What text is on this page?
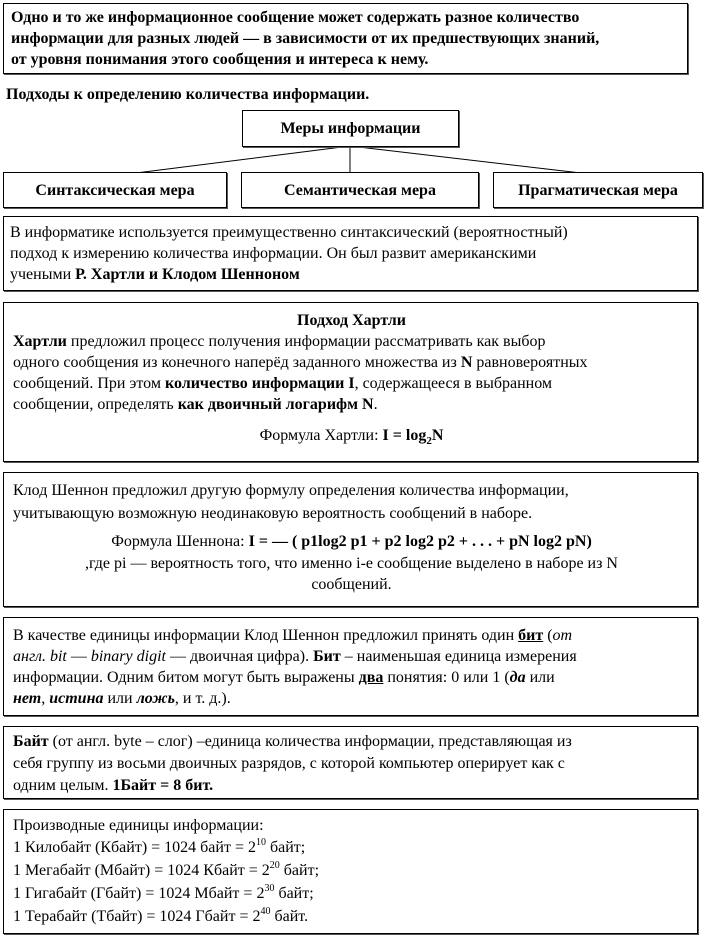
Одно и то же информационное сообщение может содержать разное количество
информации для разных людей — в зависимости от их предшествующих знаний,
от уровня понимания этого сообщения и интереса к нему.
Подходы к определению количества информации.
Меры информации
Синтаксическая мера	Семантическая мера	Прагматическая мера
В информатике используется преимущественно синтаксический (вероятностный)
подход к измерению количества информации. Он был развит американскими
учеными Р. Хартли и Клодом Шенноном
Подход Хартли
Хартли предложил процесс получения информации рассматривать как выбор
одного сообщения из конечного наперёд заданного множества из N равновероятных
сообщений. При этом количество информации I, содержащееся в выбранном
сообщении, определять как двоичный логарифм N.
Формула Хартли: $I = \log_2N$
Клод Шеннон предложил другую формулу определения количества информации,
учитывающую возможную неодинаковую вероятность сообщений в наборе.
Формула Шеннона: I = — ( p1log2 p1 + p2 log2 p2 + . . . + pN log2 pN)
,где pi — вероятность того, что именно i-е сообщение выделено в наборе из N
сообщений.
В качестве единицы информации Клод Шеннон предложил принять один бит (от
англ. bit — binary digit — двоичная цифра). Бит – наименьшая единица измерения
информации. Одним битом могут быть выражены два понятия: 0 или 1 (да или
нет, истина или ложь, и т. д.).
Байт (от англ. byte – слог) –единица количества информации, представляющая из
себя группу из восьми двоичных разрядов, с которой компьютер оперирует как с
одним целым. 1Байт = 8 бит.
Производные единицы информации:
1 Килобайт (Кбайт) = 1024 байт = $2^{10}$ байт;
1 Мегабайт (Мбайт) = 1024 Кбайт = $2^{20}$ байт;
1 Гигабайт (Гбайт) = 1024 Мбайт = $2^{30}$ байт;
1 Терабайт (Тбайт) = 1024 Гбайт = $2^{40}$ байт.
